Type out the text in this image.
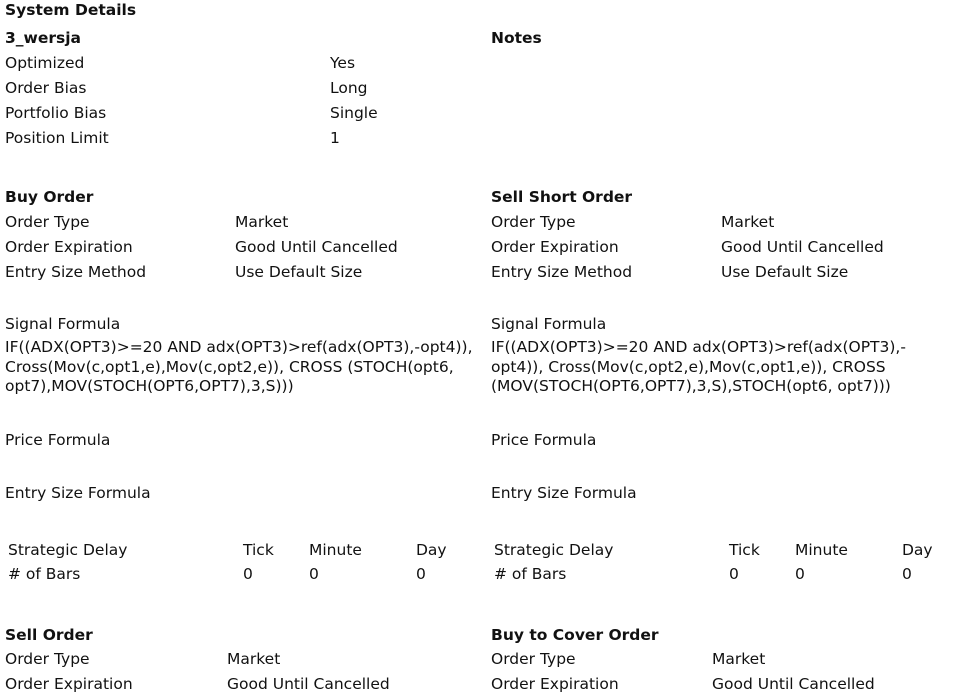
System Details
3_wersja	Notes
Optimized	Yes
Order Bias	Long
Portfolio Bias	Single
Position Limit	1
Buy Order
Order Type	Market
Order Expiration	Good Until Cancelled
Entry Size Method	Use Default Size
Signal Formula
IF((ADX(OPT3)>=20 AND adx(OPT3)>ref(adx(OPT3),-opt4)), Cross(Mov(c,opt1,e),Mov(c,opt2,e)), CROSS (STOCH(opt6, opt7),MOV(STOCH(OPT6,OPT7),3,S)))
Price Formula
Entry Size Formula
Strategic Delay	Tick Minute	Day
# of Bars	0	0	0
Sell Short Order
Order Type	Market
Order Expiration	Good Until Cancelled
Entry Size Method	Use Default Size
Signal Formula
IF((ADX(OPT3)>=20 AND adx(OPT3)>ref(adx(OPT3),-opt4)), Cross(Mov(c,opt2,e),Mov(c,opt1,e)), CROSS (MOV(STOCH(OPT6,OPT7),3,S),STOCH(opt6, opt7)))
Price Formula
Entry Size Formula
Strategic Delay	Tick Minute	Day
# of Bars	0	0	0
Sell Order
Order Type	Market
Order Expiration	Good Until Cancelled
Buy to Cover Order
Order Type	Market
Order Expiration	Good Until Cancelled
